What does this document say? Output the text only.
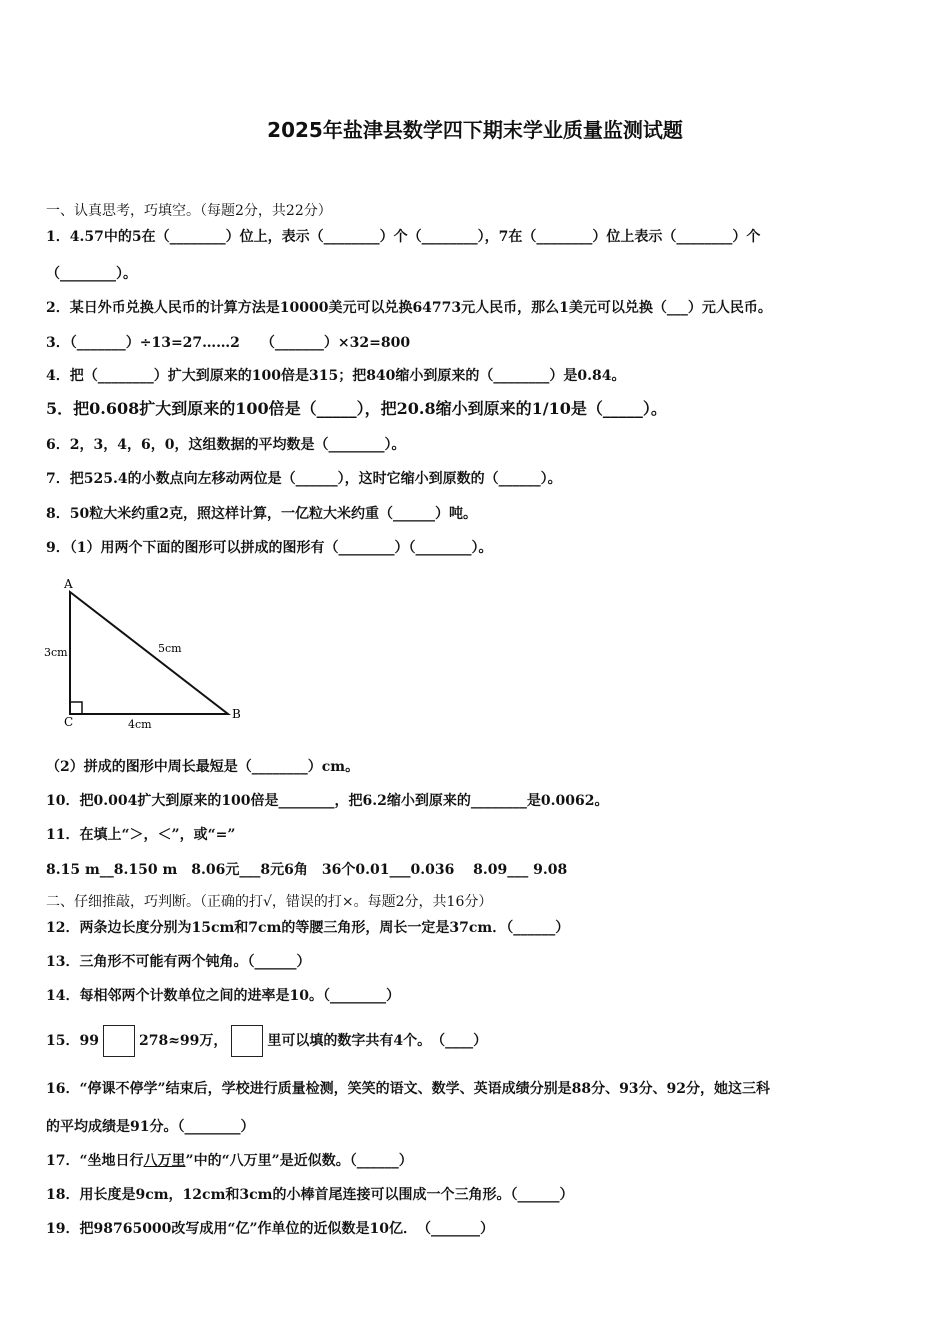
2025年盐津县数学四下期末学业质量监测试题
一、认真思考，巧填空。（每题2分，共22分）
1．4.57中的5在（________）位上，表示（________）个（________），7在（________）位上表示（________）个
（________）。
2．某日外币兑换人民币的计算方法是10000美元可以兑换64773元人民币，那么1美元可以兑换（___）元人民币。
3．（_______）÷13=27……2　　（_______）×32=800
4．把（________）扩大到原来的100倍是315；把840缩小到原来的（________）是0.84。
5．把0.608扩大到原来的100倍是（_____），把20.8缩小到原来的1/10是（_____）。
6．2，3，4，6，0，这组数据的平均数是（________）。
7．把525.4的小数点向左移动两位是（______），这时它缩小到原数的（______）。
8．50粒大米约重2克，照这样计算，一亿粒大米约重（______）吨。
9．（1）用两个下面的图形可以拼成的图形有（________）（________）。
A
B
C
3cm	5cm
4cm
（2）拼成的图形中周长最短是（________）cm。
10．把0.004扩大到原来的100倍是________，把6.2缩小到原来的________是0.0062。
11．在填上“＞，＜”，或“=”
8.15 m__8.150 m　8.06元___8元6角　36个0.01___0.036　 8.09___ 9.08
二、仔细推敲，巧判断。（正确的打√，错误的打×。每题2分，共16分）
12．两条边长度分别为15cm和7cm的等腰三角形，周长一定是37cm．（______）
13．三角形不可能有两个钝角。（______）
14．每相邻两个计数单位之间的进率是10。（________）
15．99	278≈99万，	里可以填的数字共有4个。　（____）
16．“停课不停学”结束后，学校进行质量检测，笑笑的语文、数学、英语成绩分别是88分、93分、92分，她这三科
的平均成绩是91分。（________）
17．“坐地日行八万里”中的“八万里”是近似数。（______）
18．用长度是9cm，12cm和3cm的小棒首尾连接可以围成一个三角形。（______）
19．把98765000改写成用“亿”作单位的近似数是10亿．　（_______）
